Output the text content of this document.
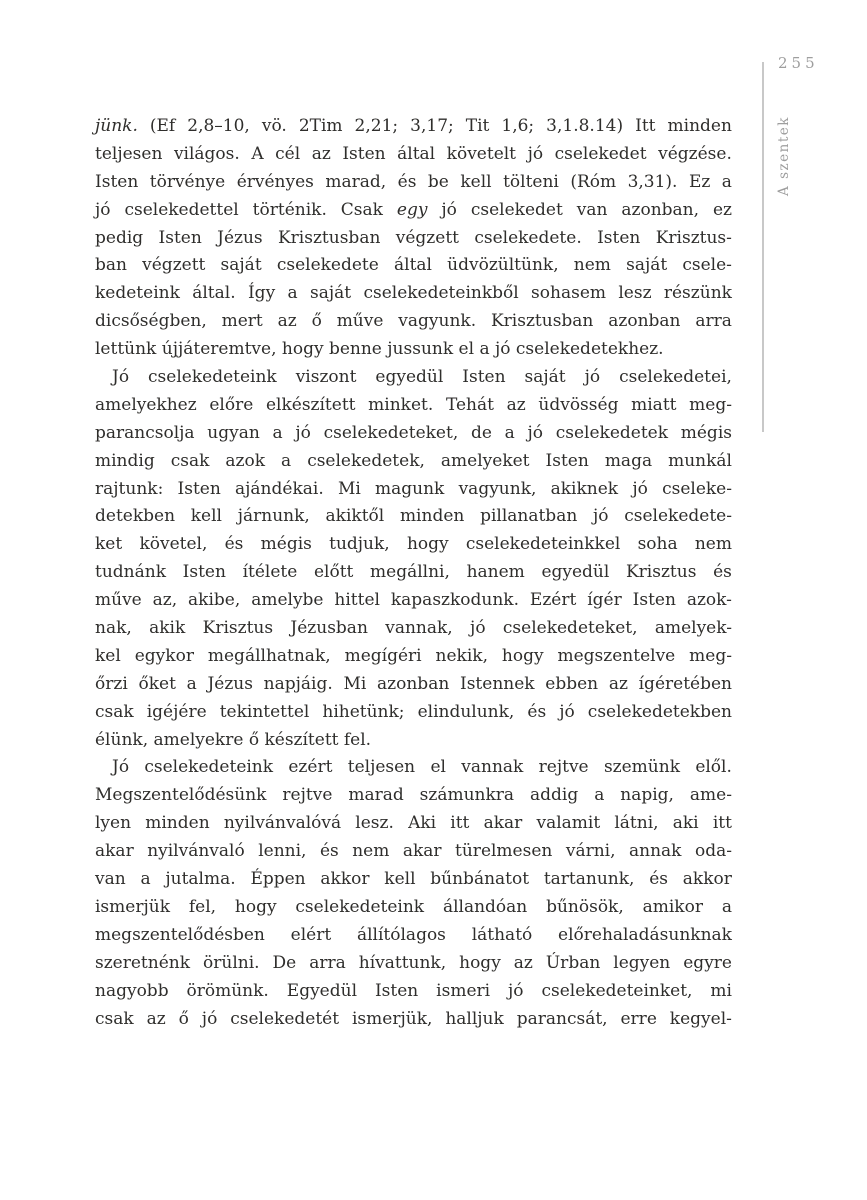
255
A szentek
jünk. (Ef 2,8–10, vö. 2Tim 2,21; 3,17; Tit 1,6; 3,1.8.14) Itt minden
teljesen világos. A cél az Isten által követelt jó cselekedet végzése.
Isten törvénye érvényes marad, és be kell tölteni (Róm 3,31). Ez a
jó cselekedettel történik. Csak egy jó cselekedet van azonban, ez
pedig Isten Jézus Krisztusban végzett cselekedete. Isten Krisztus-
ban végzett saját cselekedete által üdvözültünk, nem saját csele-
kedeteink által. Így a saját cselekedeteinkből sohasem lesz részünk
dicsőségben, mert az ő műve vagyunk. Krisztusban azonban arra
lettünk újjáteremtve, hogy benne jussunk el a jó cselekedetekhez.
Jó cselekedeteink viszont egyedül Isten saját jó cselekedetei,
amelyekhez előre elkészített minket. Tehát az üdvösség miatt meg-
parancsolja ugyan a jó cselekedeteket, de a jó cselekedetek mégis
mindig csak azok a cselekedetek, amelyeket Isten maga munkál
rajtunk: Isten ajándékai. Mi magunk vagyunk, akiknek jó cseleke-
detekben kell járnunk, akiktől minden pillanatban jó cselekedete-
ket követel, és mégis tudjuk, hogy cselekedeteinkkel soha nem
tudnánk Isten ítélete előtt megállni, hanem egyedül Krisztus és
műve az, akibe, amelybe hittel kapaszkodunk. Ezért ígér Isten azok-
nak, akik Krisztus Jézusban vannak, jó cselekedeteket, amelyek-
kel egykor megállhatnak, megígéri nekik, hogy megszentelve meg-
őrzi őket a Jézus napjáig. Mi azonban Istennek ebben az ígéretében
csak igéjére tekintettel hihetünk; elindulunk, és jó cselekedetekben
élünk, amelyekre ő készített fel.
Jó cselekedeteink ezért teljesen el vannak rejtve szemünk elől.
Megszentelődésünk rejtve marad számunkra addig a napig, ame-
lyen minden nyilvánvalóvá lesz. Aki itt akar valamit látni, aki itt
akar nyilvánvaló lenni, és nem akar türelmesen várni, annak oda-
van a jutalma. Éppen akkor kell bűnbánatot tartanunk, és akkor
ismerjük fel, hogy cselekedeteink állandóan bűnösök, amikor a
megszentelődésben elért állítólagos látható előrehaladásunknak
szeretnénk örülni. De arra hívattunk, hogy az Úrban legyen egyre
nagyobb örömünk. Egyedül Isten ismeri jó cselekedeteinket, mi
csak az ő jó cselekedetét ismerjük, halljuk parancsát, erre kegyel-
